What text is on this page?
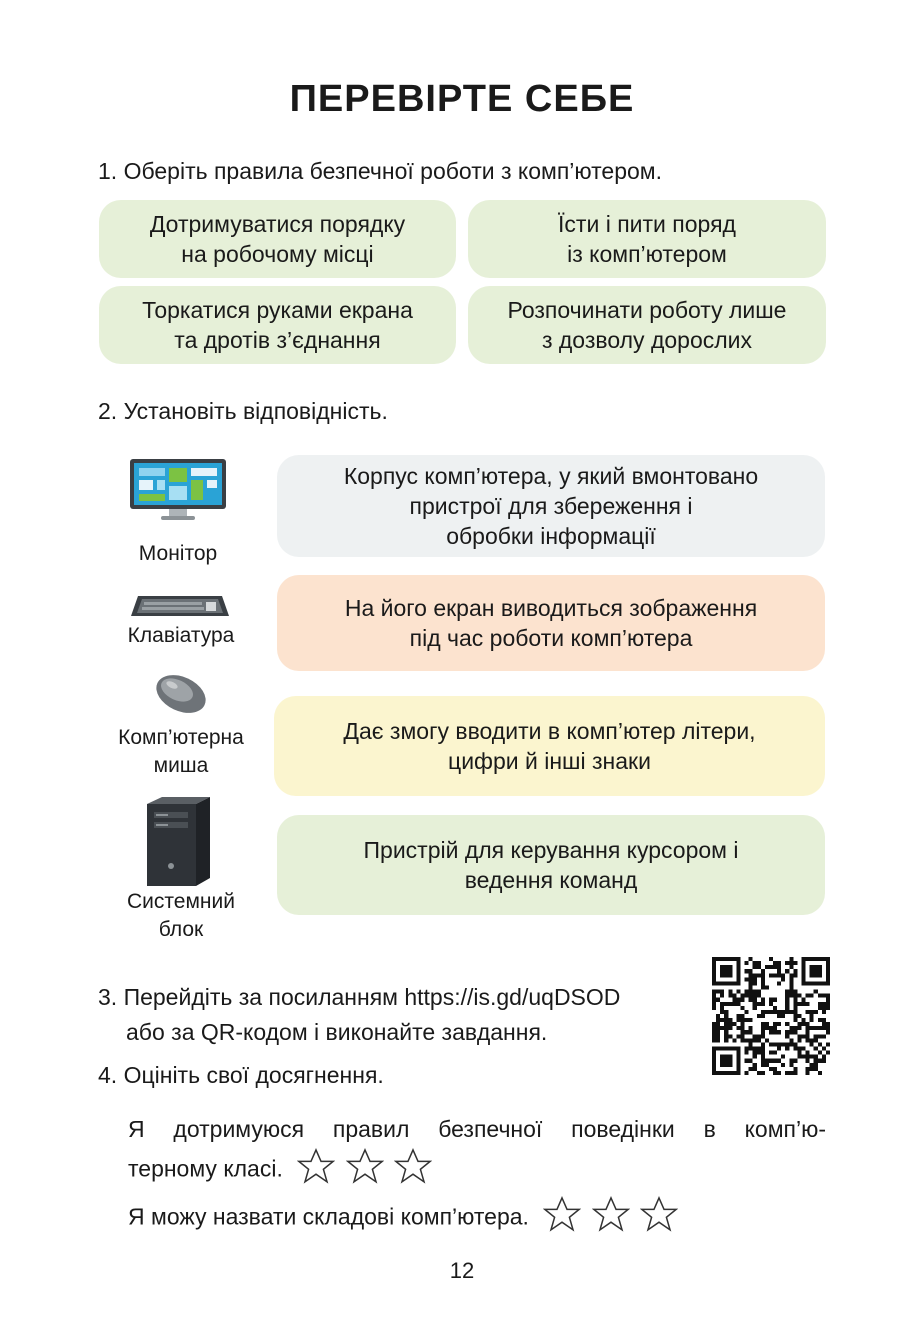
ПЕРЕВІРТЕ СЕБЕ
1. Оберіть правила безпечної роботи з комп’ютером.
Дотримуватися порядку
на робочому місці
Їсти і пити поряд
із комп’ютером
Торкатися руками екрана
та дротів з’єднання
Розпочинати роботу лише
з дозволу дорослих
2. Установіть відповідність.
Монітор
Клавіатура
Комп’ютерна
миша
Системний
блок
Корпус комп’ютера, у який вмонтовано
пристрої для збереження і
обробки інформації
На його екран виводиться зображення
під час роботи комп’ютера
Дає змогу вводити в комп’ютер літери,
цифри й інші знаки
Пристрій для керування курсором і
ведення команд
3. Перейдіть за посиланням https://is.gd/uqDSOD
або за QR-кодом і виконайте завдання.
4. Оцініть свої досягнення.
Я дотримуюся правил безпечної поведінки в комп’ю-
терному класі.
Я можу назвати складові комп’ютера.
12
